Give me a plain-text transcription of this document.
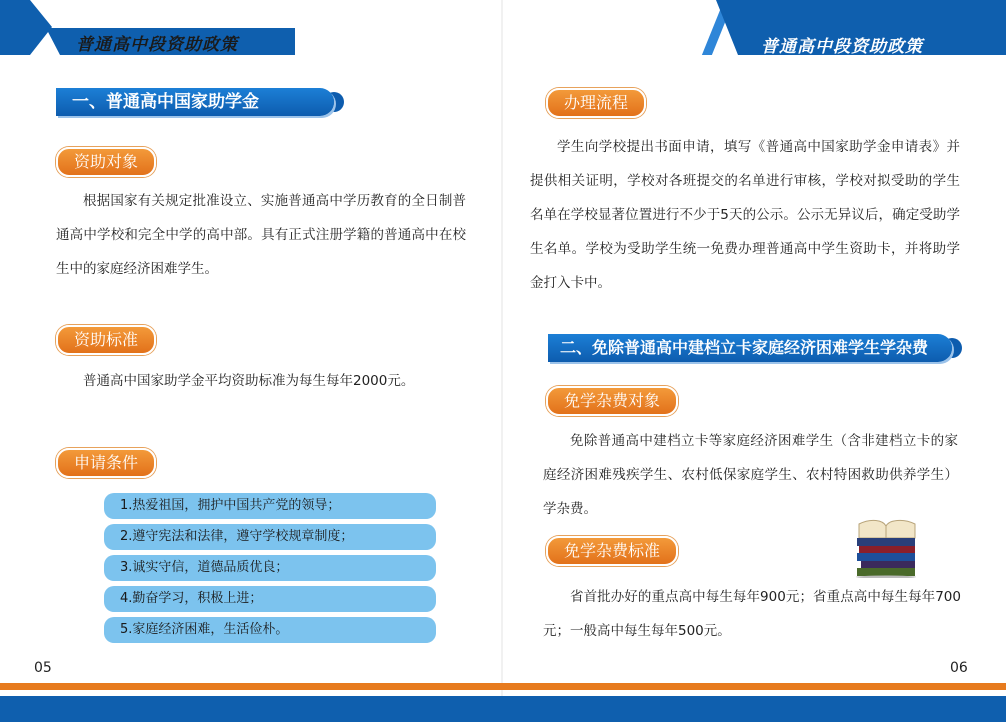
普通高中段资助政策
一、普通高中国家助学金
资助对象
根据国家有关规定批准设立、实施普通高中学历教育的全日制普通高中学校和完全中学的高中部。具有正式注册学籍的普通高中在校生中的家庭经济困难学生。
资助标准
普通高中国家助学金平均资助标准为每生每年2000元。
申请条件
1.热爱祖国，拥护中国共产党的领导；
2.遵守宪法和法律，遵守学校规章制度；
3.诚实守信，道德品质优良；
4.勤奋学习，积极上进；
5.家庭经济困难，生活俭朴。
05
普通高中段资助政策
办理流程
学生向学校提出书面申请，填写《普通高中国家助学金申请表》并提供相关证明，学校对各班提交的名单进行审核，学校对拟受助的学生名单在学校显著位置进行不少于5天的公示。公示无异议后，确定受助学生名单。学校为受助学生统一免费办理普通高中学生资助卡，并将助学金打入卡中。
二、免除普通高中建档立卡家庭经济困难学生学杂费
免学杂费对象
免除普通高中建档立卡等家庭经济困难学生（含非建档立卡的家庭经济困难残疾学生、农村低保家庭学生、农村特困救助供养学生）学杂费。
免学杂费标准
省首批办好的重点高中每生每年900元；省重点高中每生每年700元；一般高中每生每年500元。
06
